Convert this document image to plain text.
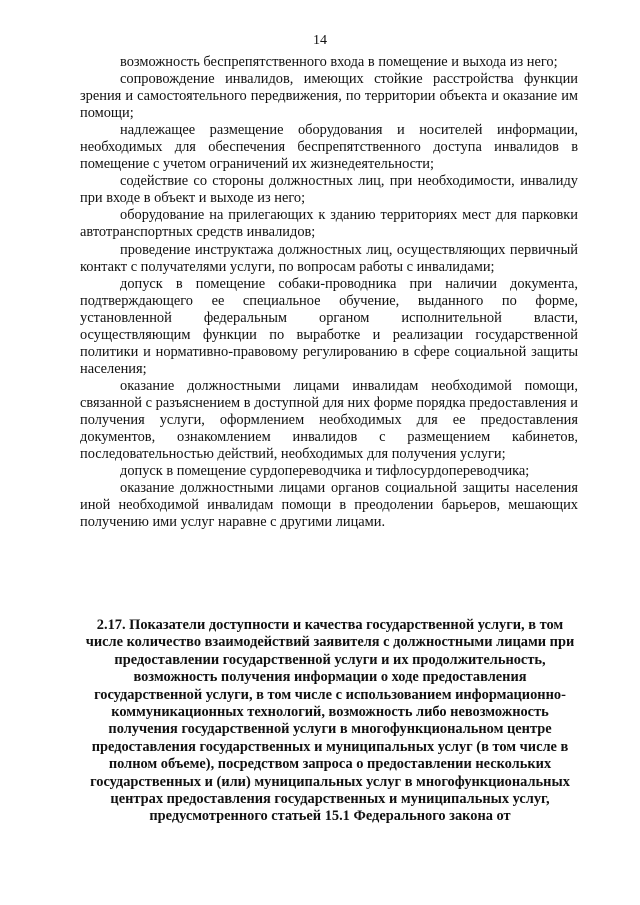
14

возможность беспрепятственного входа в помещение и выхода из него;

сопровождение инвалидов, имеющих стойкие расстройства функции зрения и самостоятельного передвижения, по территории объекта и оказание им помощи;

надлежащее размещение оборудования и носителей информации, необходимых для обеспечения беспрепятственного доступа инвалидов в помещение с учетом ограничений их жизнедеятельности;

содействие со стороны должностных лиц, при необходимости, инвалиду при входе в объект и выходе из него;

оборудование на прилегающих к зданию территориях мест для парковки автотранспортных средств инвалидов;

проведение инструктажа должностных лиц, осуществляющих первичный контакт с получателями услуги, по вопросам работы с инвалидами;

допуск в помещение собаки-проводника при наличии документа, подтверждающего ее специальное обучение, выданного по форме, установленной федеральным органом исполнительной власти, осуществляющим функции по выработке и реализации государственной политики и нормативно-правовому регулированию в сфере социальной защиты населения;

оказание должностными лицами инвалидам необходимой помощи, связанной с разъяснением в доступной для них форме порядка предоставления и получения услуги, оформлением необходимых для ее предоставления документов, ознакомлением инвалидов с размещением кабинетов, последовательностью действий, необходимых для получения услуги;

допуск в помещение сурдопереводчика и тифлосурдопереводчика;

оказание должностными лицами органов социальной защиты населения иной необходимой инвалидам помощи в преодолении барьеров, мешающих получению ими услуг наравне с другими лицами.

2.17. Показатели доступности и качества государственной услуги, в том числе количество взаимодействий заявителя с должностными лицами при предоставлении государственной услуги и их продолжительность, возможность получения информации о ходе предоставления государственной услуги, в том числе с использованием информационно-коммуникационных технологий, возможность либо невозможность получения государственной услуги в многофункциональном центре предоставления государственных и муниципальных услуг (в том числе в полном объеме), посредством запроса о предоставлении нескольких государственных и (или) муниципальных услуг в многофункциональных центрах предоставления государственных и муниципальных услуг, предусмотренного статьей 15.1 Федерального закона от
